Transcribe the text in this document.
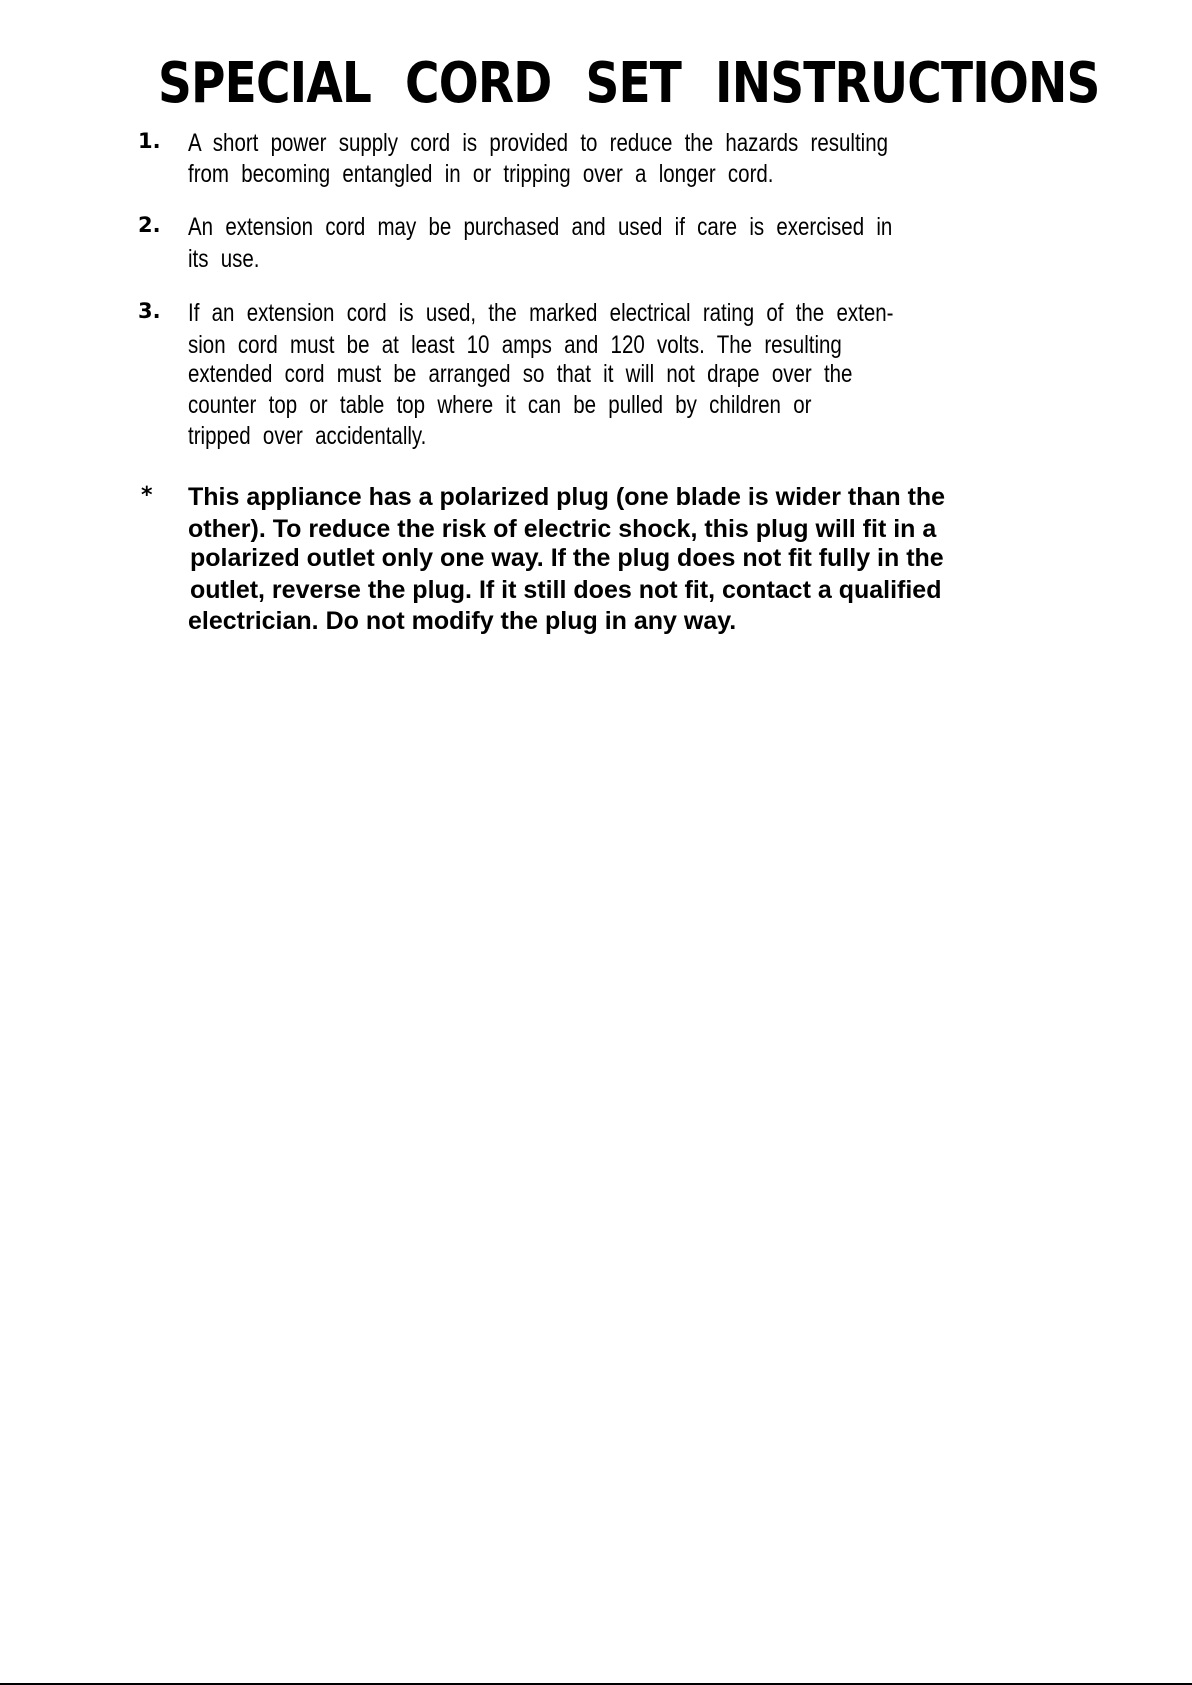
SPECIAL CORD SET INSTRUCTIONS
1. A short power supply cord is provided to reduce the hazards resulting
from becoming entangled in or tripping over a longer cord.
2. An extension cord may be purchased and used if care is exercised in
its use.
3. If an extension cord is used, the marked electrical rating of the exten-
sion cord must be at least 10 amps and 120 volts. The resulting
extended cord must be arranged so that it will not drape over the
counter top or table top where it can be pulled by children or
tripped over accidentally.
* This appliance has a polarized plug (one blade is wider than the
other). To reduce the risk of electric shock, this plug will fit in a
polarized outlet only one way. If the plug does not fit fully in the
outlet, reverse the plug. If it still does not fit, contact a qualified
electrician. Do not modify the plug in any way.
